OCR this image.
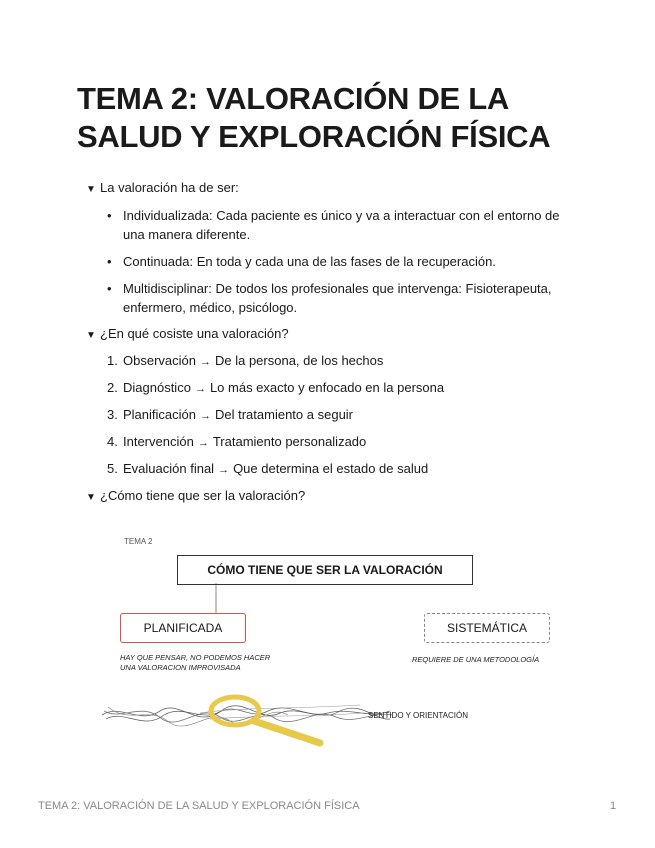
TEMA 2: VALORACIÓN DE LA SALUD Y EXPLORACIÓN FÍSICA
▼ La valoración ha de ser:
• Individualizada: Cada paciente es único y va a interactuar con el entorno de una manera diferente.
• Continuada: En toda y cada una de las fases de la recuperación.
• Multidisciplinar: De todos los profesionales que intervenga: Fisioterapeuta, enfermero, médico, psicólogo.
▼ ¿En qué cosiste una valoración?
1. Observación → De la persona, de los hechos
2. Diagnóstico → Lo más exacto y enfocado en la persona
3. Planificación → Del tratamiento a seguir
4. Intervención → Tratamiento personalizado
5. Evaluación final → Que determina el estado de salud
▼ ¿Cómo tiene que ser la valoración?
TEMA 2
CÓMO TIENE QUE SER LA VALORACIÓN
PLANIFICADA	SISTEMÁTICA
HAY QUE PENSAR, NO PODEMOS HACER
UNA VALORACION IMPROVISADA
REQUIERE DE UNA METODOLOGÍA
SENTIDO Y ORIENTACIÓN
TEMA 2: VALORACIÓN DE LA SALUD Y EXPLORACIÓN FÍSICA	1
